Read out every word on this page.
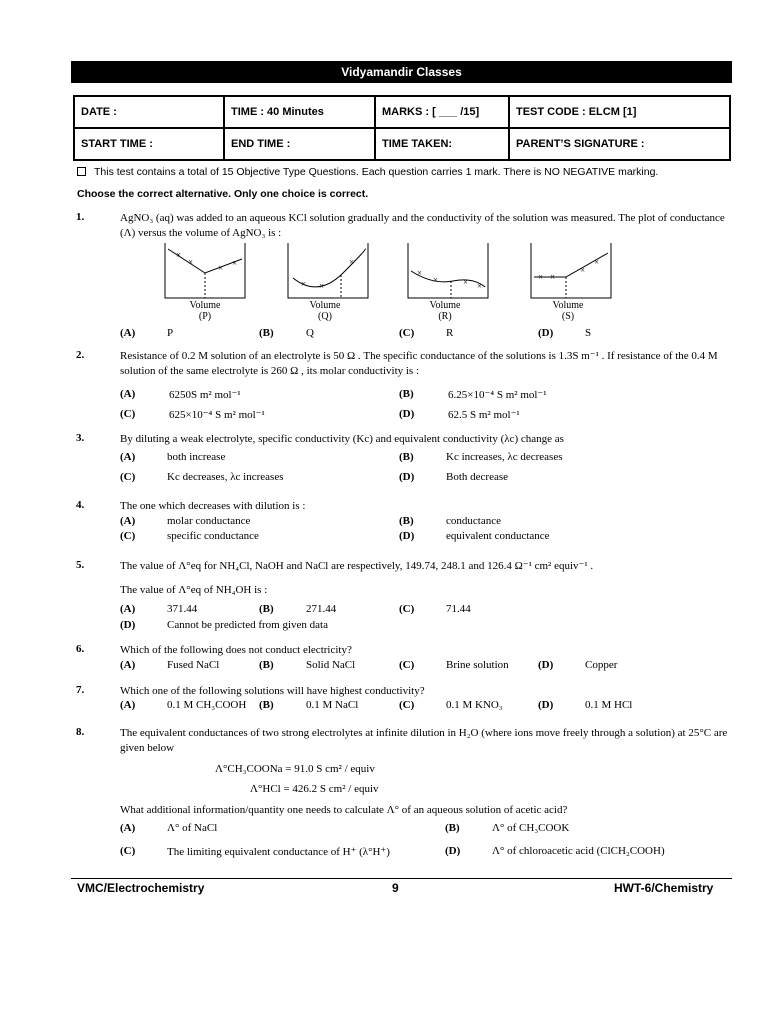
Vidyamandir Classes
DATE :	TIME : 40 Minutes	MARKS : [ ___ /15]	TEST CODE : ELCM [1]
START TIME :	END TIME :	TIME TAKEN:	PARENT’S SIGNATURE :
This test contains a total of 15 Objective Type Questions. Each question carries 1 mark. There is NO NEGATIVE marking.
Choose the correct alternative. Only one choice is correct.
1.	AgNO₃ (aq) was added to an aqueous KCl solution gradually and the conductivity of the solution was measured. The plot of conductance (Λ) versus the volume of AgNO₃ is :
×
×
× ×
× ×
×
×
×	× ×
× ×
×
×
Volume
(P)
Volume
(Q)
Volume
(R)
Volume
(S)
(A)	P	(B)	Q	(C)	R	(D)	S
2.	Resistance of 0.2 M solution of an electrolyte is 50 Ω . The specific conductance of the solutions is 1.3S m⁻¹ . If resistance of the 0.4 M solution of the same electrolyte is 260 Ω , its molar conductivity is :
(A)	6250S m² mol⁻¹	(B)	6.25×10⁻⁴ S m² mol⁻¹
(C)	625×10⁻⁴ S m² mol⁻¹	(D)	62.5 S m² mol⁻¹
3.	By diluting a weak electrolyte, specific conductivity (Kc) and equivalent conductivity (λc) change as
(A)	both increase	(B)	Kc increases, λc decreases
(C)	Kc decreases, λc increases	(D)	Both decrease
4.	The one which decreases with dilution is :
(A)	molar conductance	(B)	conductance
(C)	specific conductance	(D)	equivalent conductance
5.	The value of Λ°eq for NH₄Cl, NaOH and NaCl are respectively, 149.74, 248.1 and 126.4 Ω⁻¹ cm² equiv⁻¹ .
The value of Λ°eq of NH₄OH is :
(A)	371.44	(B)	271.44	(C)	71.44
(D)	Cannot be predicted from given data
6.	Which of the following does not conduct electricity?
(A)	Fused NaCl	(B)	Solid NaCl	(C)	Brine solution	(D)	Copper
7.	Which one of the following solutions will have highest conductivity?
(A)	0.1 M CH₃COOH (B)	0.1 M NaCl	(C)	0.1 M KNO₃	(D)	0.1 M HCl
8.	The equivalent conductances of two strong electrolytes at infinite dilution in H₂O (where ions move freely through a solution) at 25°C are given below
Λ°CH₃COONa = 91.0 S cm² / equiv
Λ°HCl = 426.2 S cm² / equiv
What additional information/quantity one needs to calculate Λ° of an aqueous solution of acetic acid?
(A)	Λ° of NaCl	(B)	Λ° of CH₃COOK
(C)	The limiting equivalent conductance of H⁺ (λ°H⁺)	(D)	Λ° of chloroacetic acid (ClCH₂COOH)
VMC/Electrochemistry	9	HWT-6/Chemistry
